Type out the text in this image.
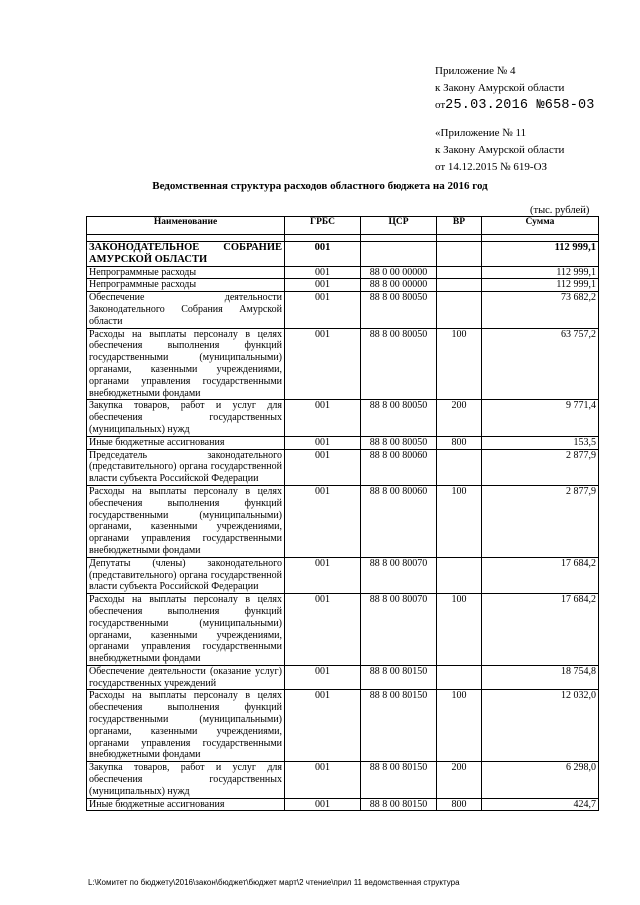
Приложение № 4
к Закону Амурской области
от25.03.2016 №658-03
«Приложение № 11
к Закону Амурской области
от 14.12.2015 № 619-ОЗ
Ведомственная структура расходов областного бюджета на 2016 год
(тыс. рублей)
Наименование	ГРБС	ЦСР	ВР	Сумма

ЗАКОНОДАТЕЛЬНОЕ СОБРАНИЕ АМУРСКОЙ ОБЛАСТИ	001			112 999,1
Непрограммные расходы	001	88 0 00 00000		112 999,1
Непрограммные расходы	001	88 8 00 00000		112 999,1
Обеспечение деятельности Законодательного Собрания Амурской области	001	88 8 00 80050		73 682,2
Расходы на выплаты персоналу в целях обеспечения выполнения функций государственными (муниципальными) органами, казенными учреждениями, органами управления государственными внебюджетными фондами	001	88 8 00 80050	100	63 757,2
Закупка товаров, работ и услуг для обеспечения государственных (муниципальных) нужд	001	88 8 00 80050	200	9 771,4
Иные бюджетные ассигнования	001	88 8 00 80050	800	153,5
Председатель законодательного (представительного) органа государственной власти субъекта Российской Федерации	001	88 8 00 80060		2 877,9
Расходы на выплаты персоналу в целях обеспечения выполнения функций государственными (муниципальными) органами, казенными учреждениями, органами управления государственными внебюджетными фондами	001	88 8 00 80060	100	2 877,9
Депутаты (члены) законодательного (представительного) органа государственной власти субъекта Российской Федерации	001	88 8 00 80070		17 684,2
Расходы на выплаты персоналу в целях обеспечения выполнения функций государственными (муниципальными) органами, казенными учреждениями, органами управления государственными внебюджетными фондами	001	88 8 00 80070	100	17 684,2
Обеспечение деятельности (оказание услуг) государственных учреждений	001	88 8 00 80150		18 754,8
Расходы на выплаты персоналу в целях обеспечения выполнения функций государственными (муниципальными) органами, казенными учреждениями, органами управления государственными внебюджетными фондами	001	88 8 00 80150	100	12 032,0
Закупка товаров, работ и услуг для обеспечения государственных (муниципальных) нужд	001	88 8 00 80150	200	6 298,0
Иные бюджетные ассигнования	001	88 8 00 80150	800	424,7
L:\Комитет по бюджету\2016\закон\бюджет\бюджет март\2 чтение\прил 11 ведомственная структура
